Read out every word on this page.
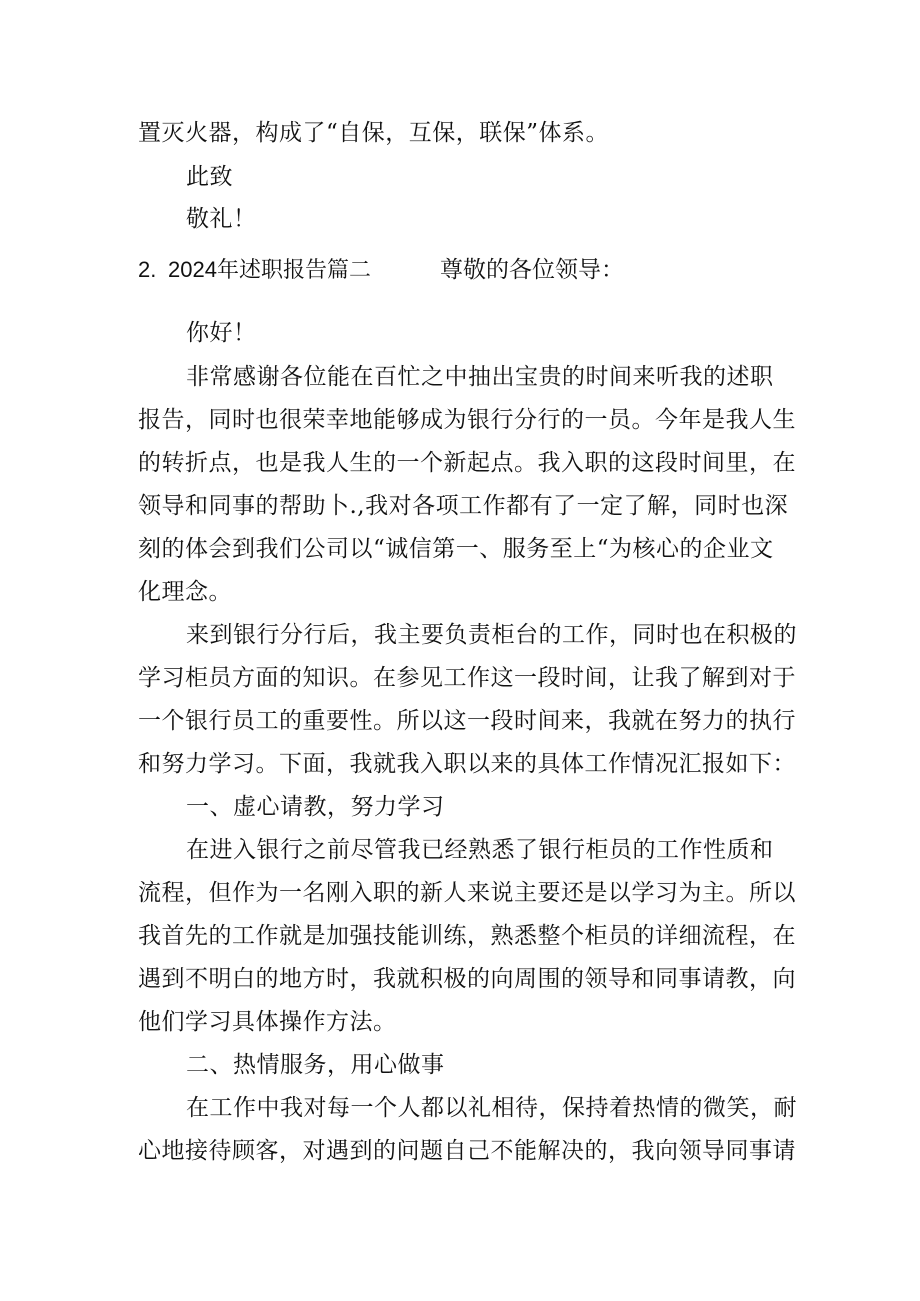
置灭火器，构成了“自保，互保，联保”体系。
此致
敬礼！
2. 2024年述职报告篇二	尊敬的各位领导：
你好！
非常感谢各位能在百忙之中抽出宝贵的时间来听我的述职
报告，同时也很荣幸地能够成为银行分行的一员。今年是我人生
的转折点，也是我人生的一个新起点。我入职的这段时间里，在
领导和同事的帮助卜.,我对各项工作都有了一定了解，同时也深
刻的体会到我们公司以“诚信第一、服务至上“为核心的企业文
化理念。
来到银行分行后，我主要负责柜台的工作，同时也在积极的
学习柜员方面的知识。在参见工作这一段时间，让我了解到对于
一个银行员工的重要性。所以这一段时间来，我就在努力的执行
和努力学习。下面，我就我入职以来的具体工作情况汇报如下：
一、虚心请教，努力学习
在进入银行之前尽管我已经熟悉了银行柜员的工作性质和
流程，但作为一名刚入职的新人来说主要还是以学习为主。所以
我首先的工作就是加强技能训练，熟悉整个柜员的详细流程，在
遇到不明白的地方时，我就积极的向周围的领导和同事请教，向
他们学习具体操作方法。
二、热情服务，用心做事
在工作中我对每一个人都以礼相待，保持着热情的微笑，耐
心地接待顾客，对遇到的问题自己不能解决的，我向领导同事请
